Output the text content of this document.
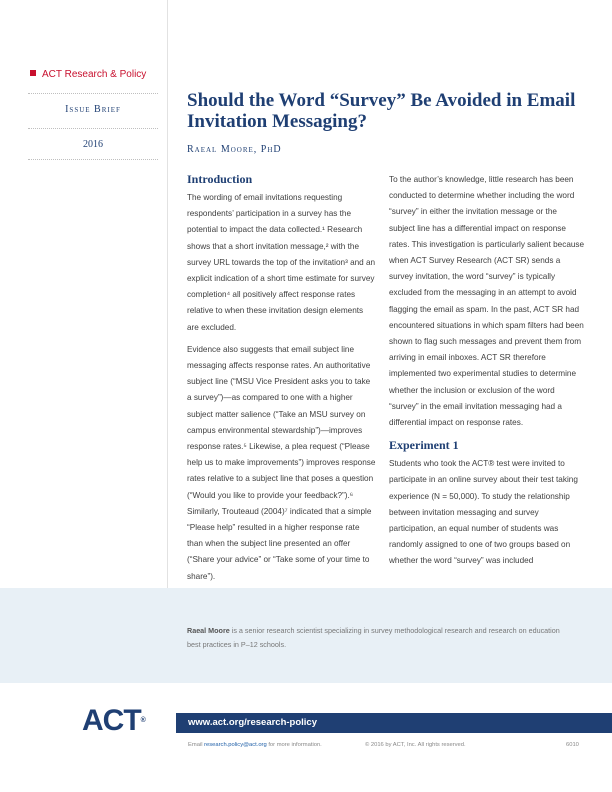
ACT Research & Policy
Issue Brief
2016
Should the Word “Survey” Be Avoided in Email Invitation Messaging?
Raeal Moore, PhD
Introduction

The wording of email invitations requesting respondents’ participation in a survey has the potential to impact the data collected.¹ Research shows that a short invitation message,² with the survey URL towards the top of the invitation³ and an explicit indication of a short time estimate for survey completion⁴ all positively affect response rates relative to when these invitation design elements are excluded.

Evidence also suggests that email subject line messaging affects response rates. An authoritative subject line (“MSU Vice President asks you to take a survey”)—as compared to one with a higher subject matter salience (“Take an MSU survey on campus environmental stewardship”)—improves response rates.⁵ Likewise, a plea request (“Please help us to make improvements”) improves response rates relative to a subject line that poses a question (“Would you like to provide your feedback?”).⁶ Similarly, Trouteaud (2004)⁷ indicated that a simple “Please help” resulted in a higher response rate than when the subject line presented an offer (“Share your advice” or “Take some of your time to share”).

To the author’s knowledge, little research has been conducted to determine whether including the word “survey” in either the invitation message or the subject line has a differential impact on response rates. This investigation is particularly salient because when ACT Survey Research (ACT SR) sends a survey invitation, the word “survey” is typically excluded from the messaging in an attempt to avoid flagging the email as spam. In the past, ACT SR had encountered situations in which spam filters had been shown to flag such messages and prevent them from arriving in email inboxes. ACT SR therefore implemented two experimental studies to determine whether the inclusion or exclusion of the word “survey” in the email invitation messaging had a differential impact on response rates.

Experiment 1

Students who took the ACT® test were invited to participate in an online survey about their test taking experience (N = 50,000). To study the relationship between invitation messaging and survey participation, an equal number of students was randomly assigned to one of two groups based on whether the word “survey” was included

Raeal Moore is a senior research scientist specializing in survey methodological research and research on education best practices in P–12 schools.
ACT®	www.act.org/research-policy
Email research.policy@act.org for more information.	© 2016 by ACT, Inc. All rights reserved.	6010
